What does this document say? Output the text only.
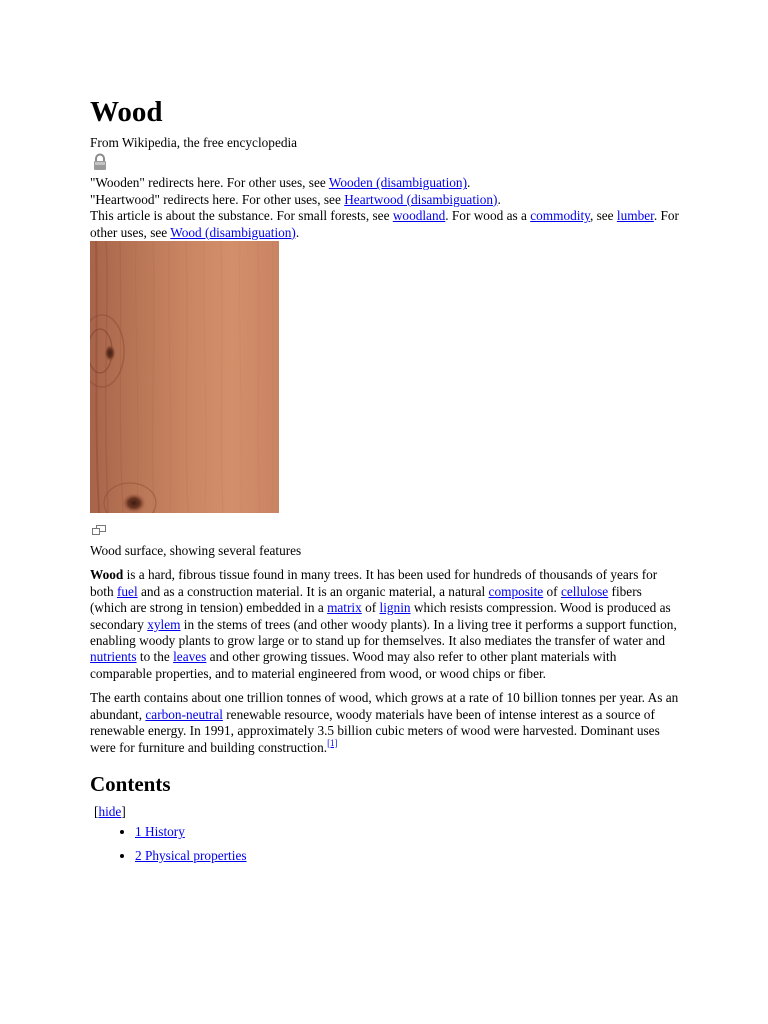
Wood
From Wikipedia, the free encyclopedia
"Wooden" redirects here. For other uses, see Wooden (disambiguation).
"Heartwood" redirects here. For other uses, see Heartwood (disambiguation).
This article is about the substance. For small forests, see woodland. For wood as a commodity, see lumber. For other uses, see Wood (disambiguation).
Wood surface, showing several features

Wood is a hard, fibrous tissue found in many trees. It has been used for hundreds of thousands of years for both fuel and as a construction material. It is an organic material, a natural composite of cellulose fibers (which are strong in tension) embedded in a matrix of lignin which resists compression. Wood is produced as secondary xylem in the stems of trees (and other woody plants). In a living tree it performs a support function, enabling woody plants to grow large or to stand up for themselves. It also mediates the transfer of water and nutrients to the leaves and other growing tissues. Wood may also refer to other plant materials with comparable properties, and to material engineered from wood, or wood chips or fiber.

The earth contains about one trillion tonnes of wood, which grows at a rate of 10 billion tonnes per year. As an abundant, carbon-neutral renewable resource, woody materials have been of intense interest as a source of renewable energy. In 1991, approximately 3.5 billion cubic meters of wood were harvested. Dominant uses were for furniture and building construction.[1]

Contents
[hide]
• 1 History
• 2 Physical properties
